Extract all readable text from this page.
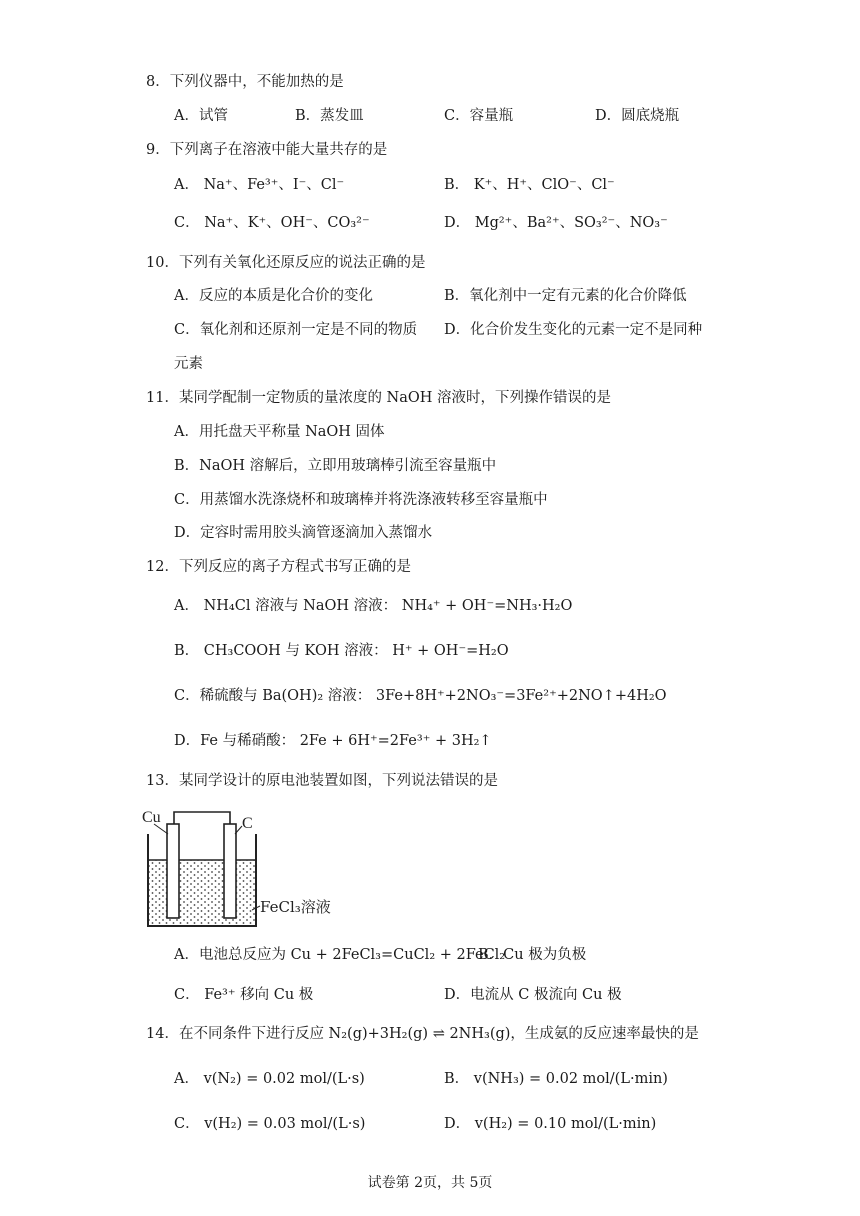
8．下列仪器中，不能加热的是
A．试管	B．蒸发皿	C．容量瓶	D．圆底烧瓶
9．下列离子在溶液中能大量共存的是
A． Na⁺、Fe³⁺、I⁻、Cl⁻	B． K⁺、H⁺、ClO⁻、Cl⁻
C． Na⁺、K⁺、OH⁻、CO₃²⁻	D． Mg²⁺、Ba²⁺、SO₃²⁻、NO₃⁻
10．下列有关氧化还原反应的说法正确的是
A．反应的本质是化合价的变化	B．氧化剂中一定有元素的化合价降低
C．氧化剂和还原剂一定是不同的物质 D．化合价发生变化的元素一定不是同种
元素
11．某同学配制一定物质的量浓度的 NaOH 溶液时，下列操作错误的是
A．用托盘天平称量 NaOH 固体
B．NaOH 溶解后，立即用玻璃棒引流至容量瓶中
C．用蒸馏水洗涤烧杯和玻璃棒并将洗涤液转移至容量瓶中
D．定容时需用胶头滴管逐滴加入蒸馏水
12．下列反应的离子方程式书写正确的是
A． NH₄Cl 溶液与 NaOH 溶液： NH₄⁺ + OH⁻=NH₃·H₂O
B． CH₃COOH 与 KOH 溶液： H⁺ + OH⁻=H₂O
C．稀硫酸与 Ba(OH)₂ 溶液： 3Fe+8H⁺+2NO₃⁻=3Fe²⁺+2NO↑+4H₂O
D．Fe 与稀硝酸： 2Fe + 6H⁺=2Fe³⁺ + 3H₂↑
13．某同学设计的原电池装置如图，下列说法错误的是
Cu	C
FeCl₃溶液
A．电池总反应为 Cu + 2FeCl₃=CuCl₂ + 2FeCl₂
B．Cu 极为负极
C． Fe³⁺ 移向 Cu 极	D．电流从 C 极流向 Cu 极
14．在不同条件下进行反应 N₂(g)+3H₂(g) ⇌ 2NH₃(g)，生成氨的反应速率最快的是
A． v(N₂) = 0.02 mol/(L·s)	B． v(NH₃) = 0.02 mol/(L·min)
C． v(H₂) = 0.03 mol/(L·s)	D． v(H₂) = 0.10 mol/(L·min)
试卷第 2页，共 5页
